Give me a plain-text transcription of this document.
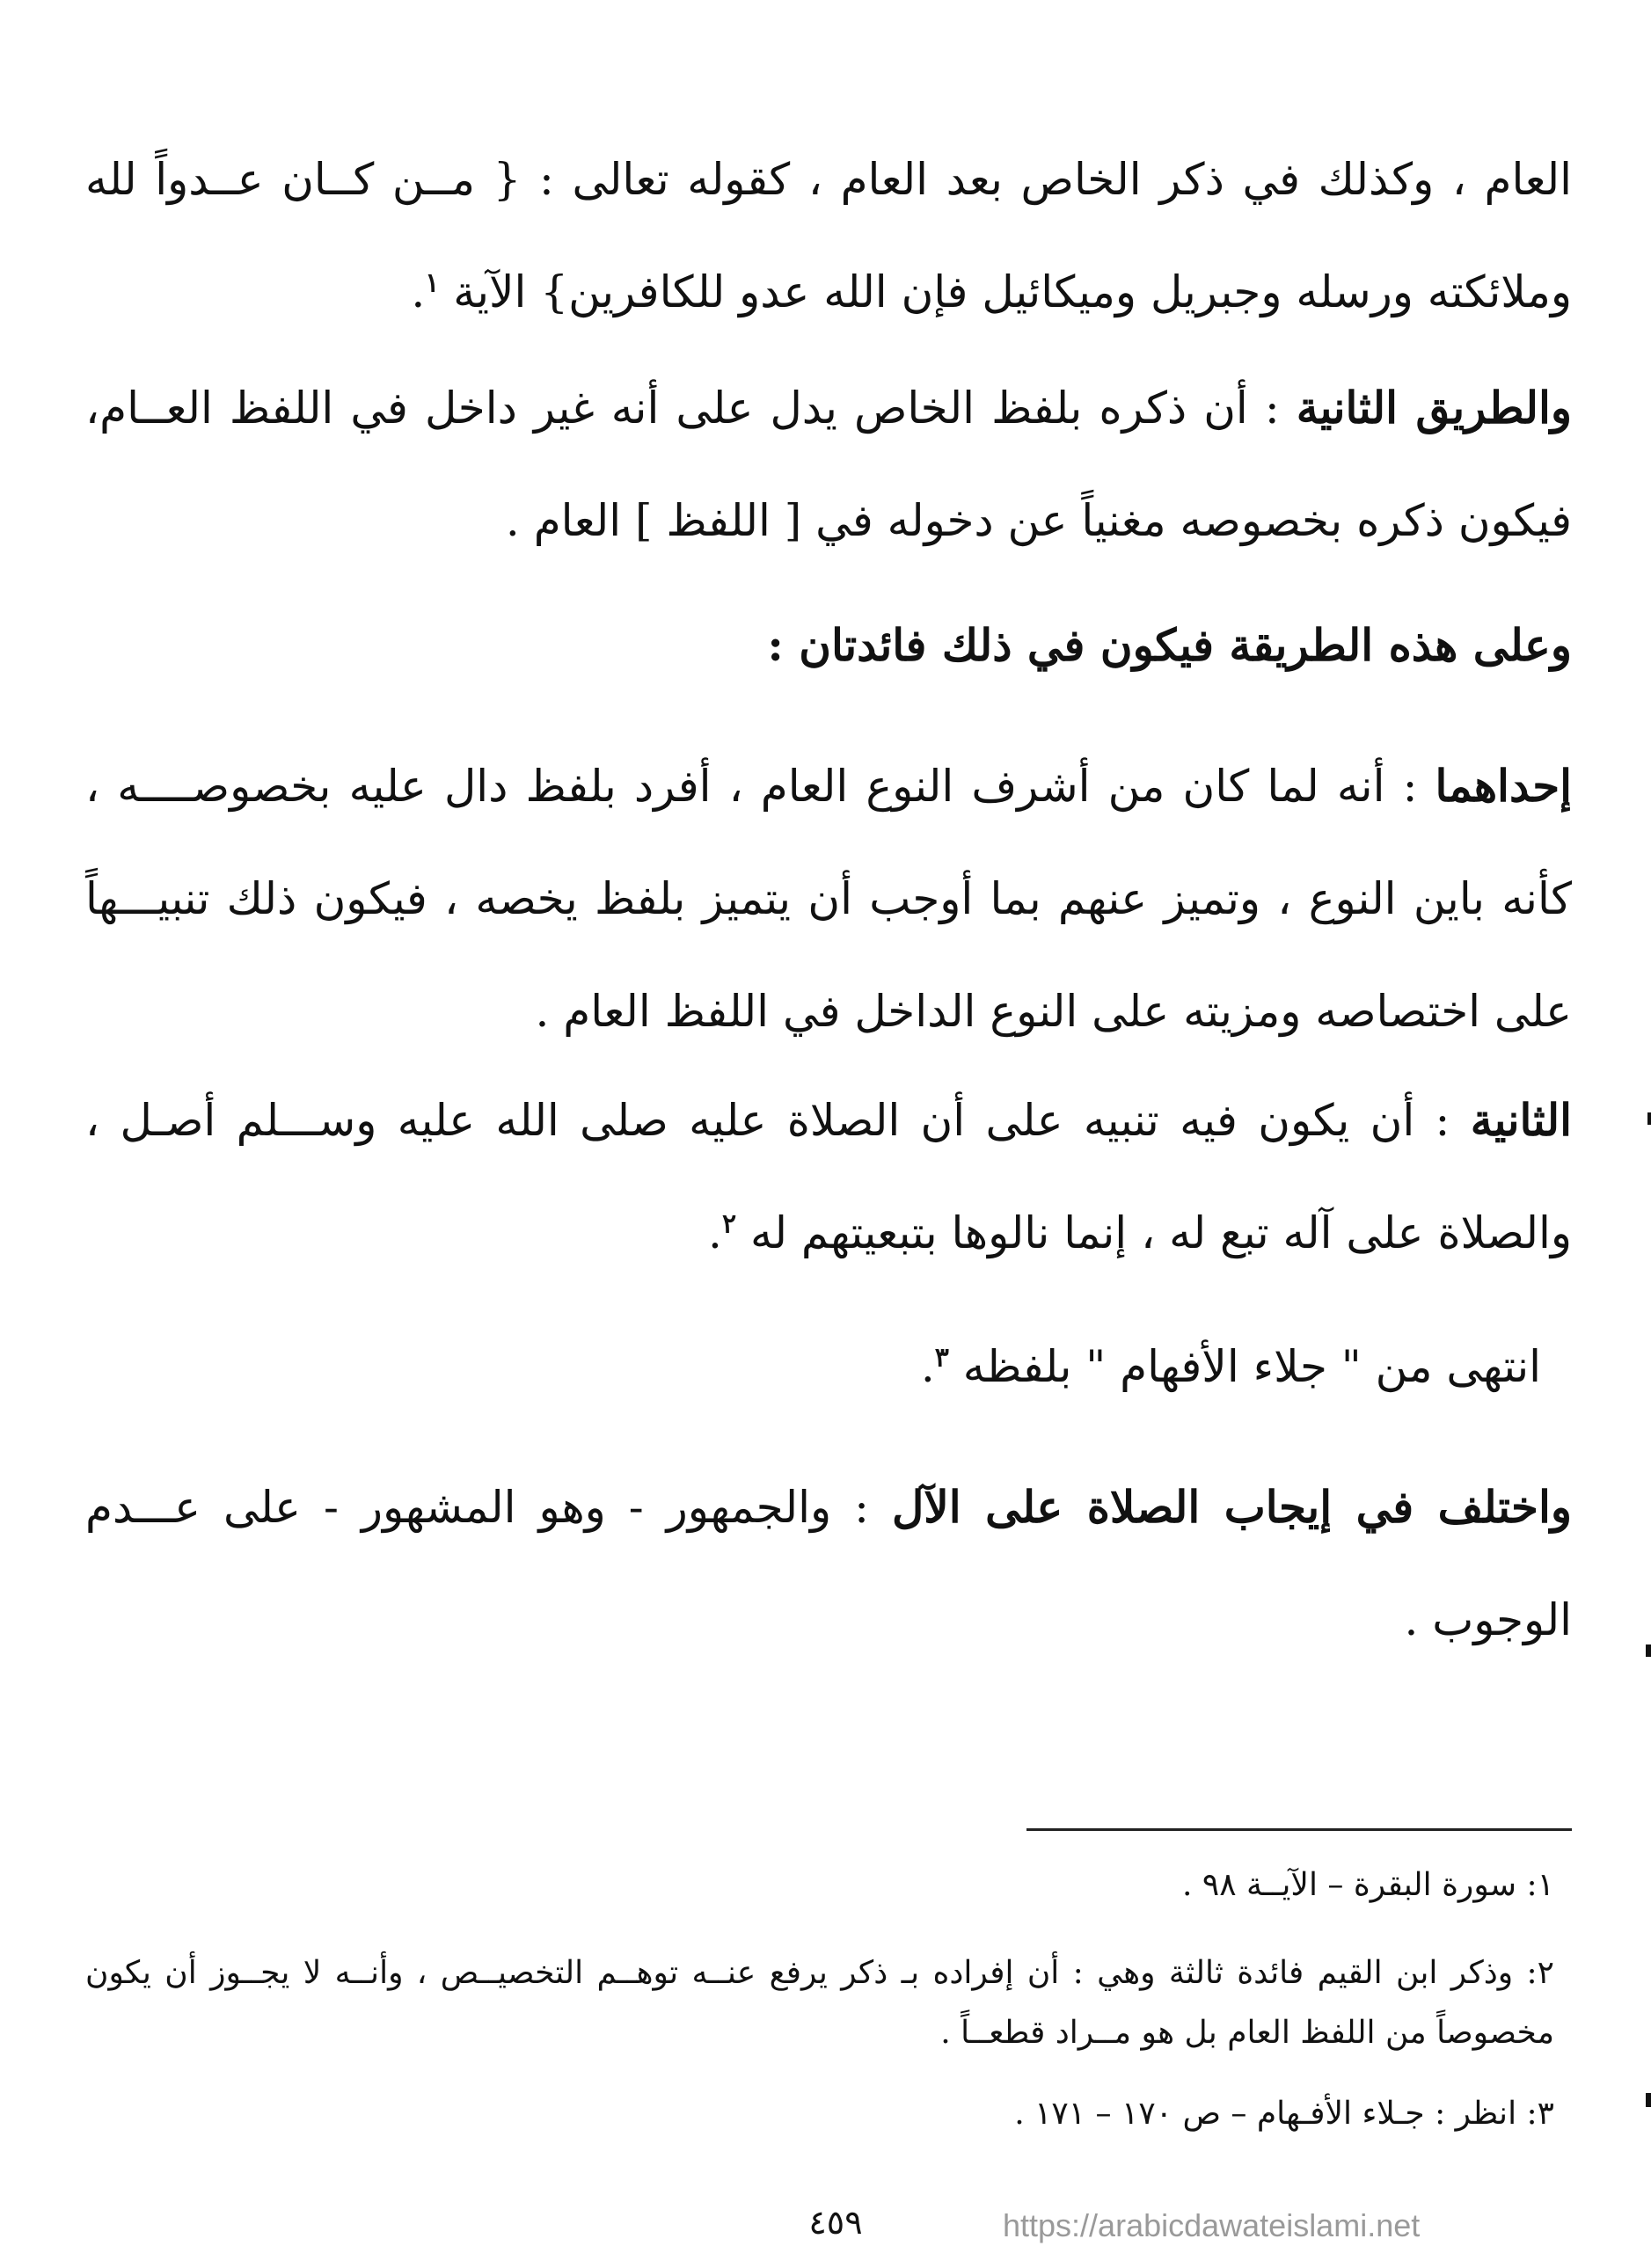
العام ، وكذلك في ذكر الخاص بعد العام ، كقوله تعالى : { مــن كــان عــدواً لله وملائكته ورسله وجبريل وميكائيل فإن الله عدو للكافرين} الآية $^١$.

والطريق الثانية : أن ذكره بلفظ الخاص يدل على أنه غير داخل في اللفظ العــام، فيكون ذكره بخصوصه مغنياً عن دخوله في [ اللفظ ] العام .

وعلى هذه الطريقة فيكون في ذلك فائدتان :

إحداهما : أنه لما كان من أشرف النوع العام ، أفرد بلفظ دال عليه بخصوصــــه ، كأنه باين النوع ، وتميز عنهم بما أوجب أن يتميز بلفظ يخصه ، فيكون ذلك تنبيـــهاً على اختصاصه ومزيته على النوع الداخل في اللفظ العام .

الثانية : أن يكون فيه تنبيه على أن الصلاة عليه صلى الله عليه وســـلم أصـل ، والصلاة على آله تبع له ، إنما نالوها بتبعيتهم له $^٢$.

انتهى من " جلاء الأفهام " بلفظه $^٣$.

واختلف في إيجاب الصلاة على الآل : والجمهور - وهو المشهور - على عـــدم الوجوب .

١: سورة البقرة – الآيــة ٩٨ .

٢: وذكر ابن القيم فائدة ثالثة وهي : أن إفراده بـ ذكر يرفع عنــه توهــم التخصيــص ، وأنــه لا يجــوز أن يكون مخصوصاً من اللفظ العام بل هو مــراد قطعــاً .

٣: انظر : جـلاء الأفـهام – ص ١٧٠ – ١٧١ .

٤٥٩	https://arabicdawateislami.net
